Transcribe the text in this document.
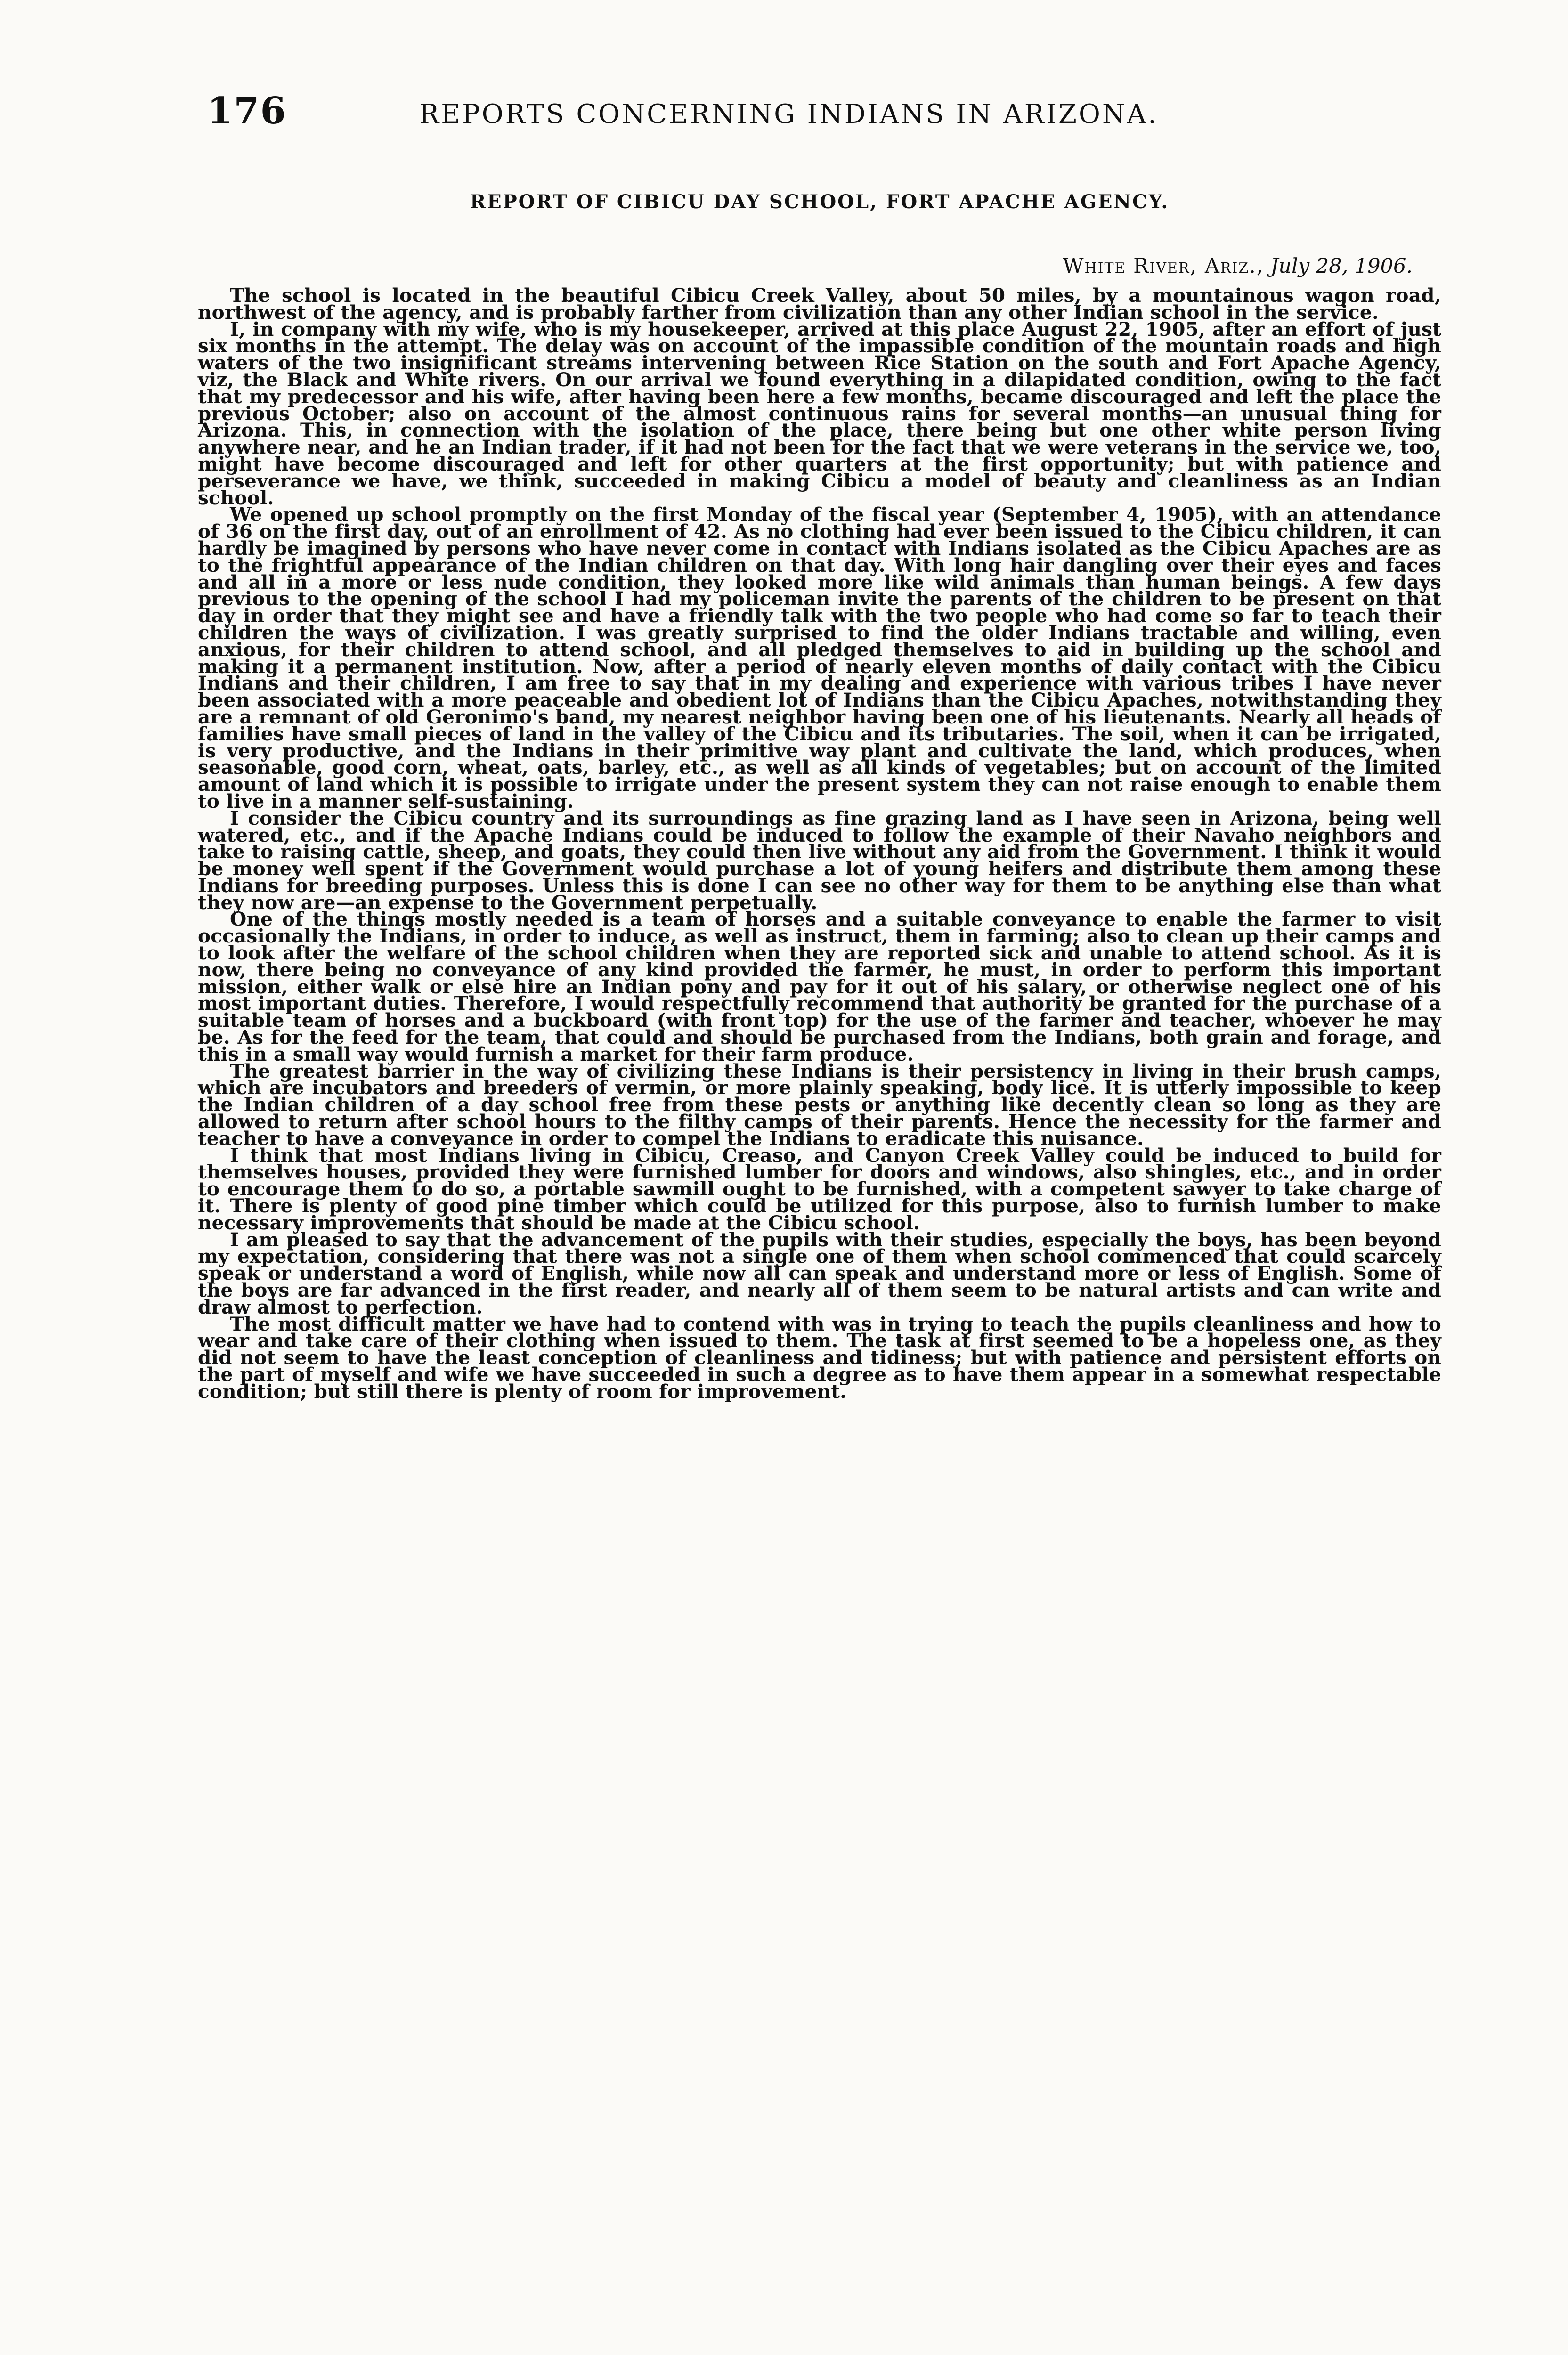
176	REPORTS CONCERNING INDIANS IN ARIZONA.
REPORT OF CIBICU DAY SCHOOL, FORT APACHE AGENCY.
White River, Ariz., July 28, 1906.

The school is located in the beautiful Cibicu Creek Valley, about 50 miles, by a mountainous wagon road, northwest of the agency, and is probably farther from civilization than any other Indian school in the service.

I, in company with my wife, who is my housekeeper, arrived at this place August 22, 1905, after an effort of just six months in the attempt. The delay was on account of the impassible condition of the mountain roads and high waters of the two insignificant streams intervening between Rice Station on the south and Fort Apache Agency, viz, the Black and White rivers. On our arrival we found everything in a dilapidated condition, owing to the fact that my predecessor and his wife, after having been here a few months, became discouraged and left the place the previous October; also on account of the almost continuous rains for several months—an unusual thing for Arizona. This, in connection with the isolation of the place, there being but one other white person living anywhere near, and he an Indian trader, if it had not been for the fact that we were veterans in the service we, too, might have become discouraged and left for other quarters at the first opportunity; but with patience and perseverance we have, we think, succeeded in making Cibicu a model of beauty and cleanliness as an Indian school.

We opened up school promptly on the first Monday of the fiscal year (September 4, 1905), with an attendance of 36 on the first day, out of an enrollment of 42. As no clothing had ever been issued to the Cibicu children, it can hardly be imagined by persons who have never come in contact with Indians isolated as the Cibicu Apaches are as to the frightful appearance of the Indian children on that day. With long hair dangling over their eyes and faces and all in a more or less nude condition, they looked more like wild animals than human beings. A few days previous to the opening of the school I had my policeman invite the parents of the children to be present on that day in order that they might see and have a friendly talk with the two people who had come so far to teach their children the ways of civilization. I was greatly surprised to find the older Indians tractable and willing, even anxious, for their children to attend school, and all pledged themselves to aid in building up the school and making it a permanent institution. Now, after a period of nearly eleven months of daily contact with the Cibicu Indians and their children, I am free to say that in my dealing and experience with various tribes I have never been associated with a more peaceable and obedient lot of Indians than the Cibicu Apaches, notwithstanding they are a remnant of old Geronimo's band, my nearest neighbor having been one of his lieutenants. Nearly all heads of families have small pieces of land in the valley of the Cibicu and its tributaries. The soil, when it can be irrigated, is very productive, and the Indians in their primitive way plant and cultivate the land, which produces, when seasonable, good corn, wheat, oats, barley, etc., as well as all kinds of vegetables; but on account of the limited amount of land which it is possible to irrigate under the present system they can not raise enough to enable them to live in a manner self-sustaining.

I consider the Cibicu country and its surroundings as fine grazing land as I have seen in Arizona, being well watered, etc., and if the Apache Indians could be induced to follow the example of their Navaho neighbors and take to raising cattle, sheep, and goats, they could then live without any aid from the Government. I think it would be money well spent if the Government would purchase a lot of young heifers and distribute them among these Indians for breeding purposes. Unless this is done I can see no other way for them to be anything else than what they now are—an expense to the Government perpetually.

One of the things mostly needed is a team of horses and a suitable conveyance to enable the farmer to visit occasionally the Indians, in order to induce, as well as instruct, them in farming; also to clean up their camps and to look after the welfare of the school children when they are reported sick and unable to attend school. As it is now, there being no conveyance of any kind provided the farmer, he must, in order to perform this important mission, either walk or else hire an Indian pony and pay for it out of his salary, or otherwise neglect one of his most important duties. Therefore, I would respectfully recommend that authority be granted for the purchase of a suitable team of horses and a buckboard (with front top) for the use of the farmer and teacher, whoever he may be. As for the feed for the team, that could and should be purchased from the Indians, both grain and forage, and this in a small way would furnish a market for their farm produce.

The greatest barrier in the way of civilizing these Indians is their persistency in living in their brush camps, which are incubators and breeders of vermin, or more plainly speaking, body lice. It is utterly impossible to keep the Indian children of a day school free from these pests or anything like decently clean so long as they are allowed to return after school hours to the filthy camps of their parents. Hence the necessity for the farmer and teacher to have a conveyance in order to compel the Indians to eradicate this nuisance.

I think that most Indians living in Cibicu, Creaso, and Canyon Creek Valley could be induced to build for themselves houses, provided they were furnished lumber for doors and windows, also shingles, etc., and in order to encourage them to do so, a portable sawmill ought to be furnished, with a competent sawyer to take charge of it. There is plenty of good pine timber which could be utilized for this purpose, also to furnish lumber to make necessary improvements that should be made at the Cibicu school.

I am pleased to say that the advancement of the pupils with their studies, especially the boys, has been beyond my expectation, considering that there was not a single one of them when school commenced that could scarcely speak or understand a word of English, while now all can speak and understand more or less of English. Some of the boys are far advanced in the first reader, and nearly all of them seem to be natural artists and can write and draw almost to perfection.

The most difficult matter we have had to contend with was in trying to teach the pupils cleanliness and how to wear and take care of their clothing when issued to them. The task at first seemed to be a hopeless one, as they did not seem to have the least conception of cleanliness and tidiness; but with patience and persistent efforts on the part of myself and wife we have succeeded in such a degree as to have them appear in a somewhat respectable condition; but still there is plenty of room for improvement.
